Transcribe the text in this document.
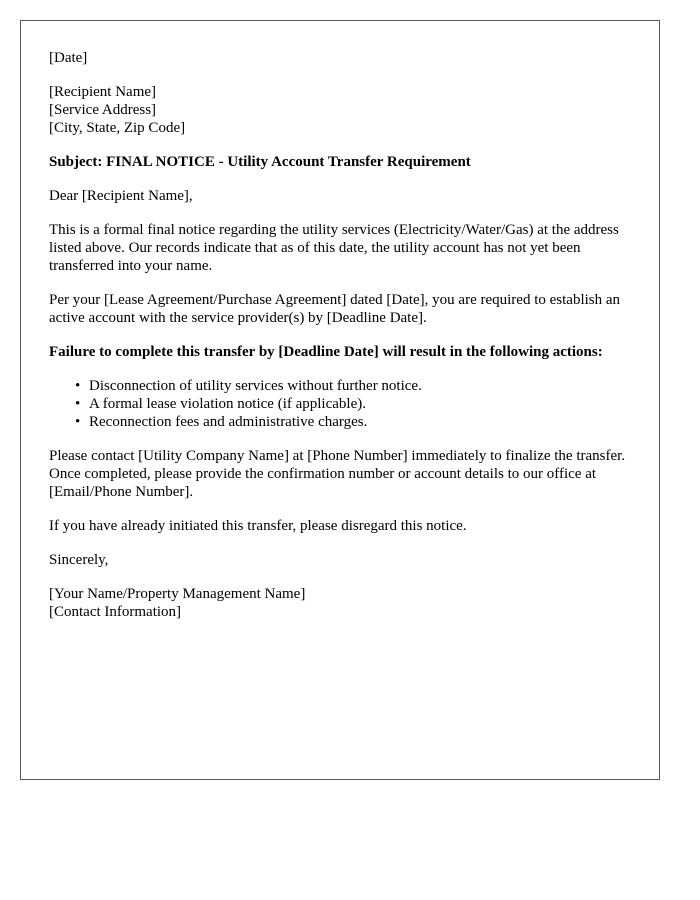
[Date]

[Recipient Name]
[Service Address]
[City, State, Zip Code]

Subject: FINAL NOTICE - Utility Account Transfer Requirement

Dear [Recipient Name],

This is a formal final notice regarding the utility services (Electricity/Water/Gas) at the address listed above. Our records indicate that as of this date, the utility account has not yet been transferred into your name.

Per your [Lease Agreement/Purchase Agreement] dated [Date], you are required to establish an active account with the service provider(s) by [Deadline Date].

Failure to complete this transfer by [Deadline Date] will result in the following actions:

• Disconnection of utility services without further notice.
• A formal lease violation notice (if applicable).
• Reconnection fees and administrative charges.

Please contact [Utility Company Name] at [Phone Number] immediately to finalize the transfer. Once completed, please provide the confirmation number or account details to our office at [Email/Phone Number].

If you have already initiated this transfer, please disregard this notice.

Sincerely,

[Your Name/Property Management Name]
[Contact Information]
